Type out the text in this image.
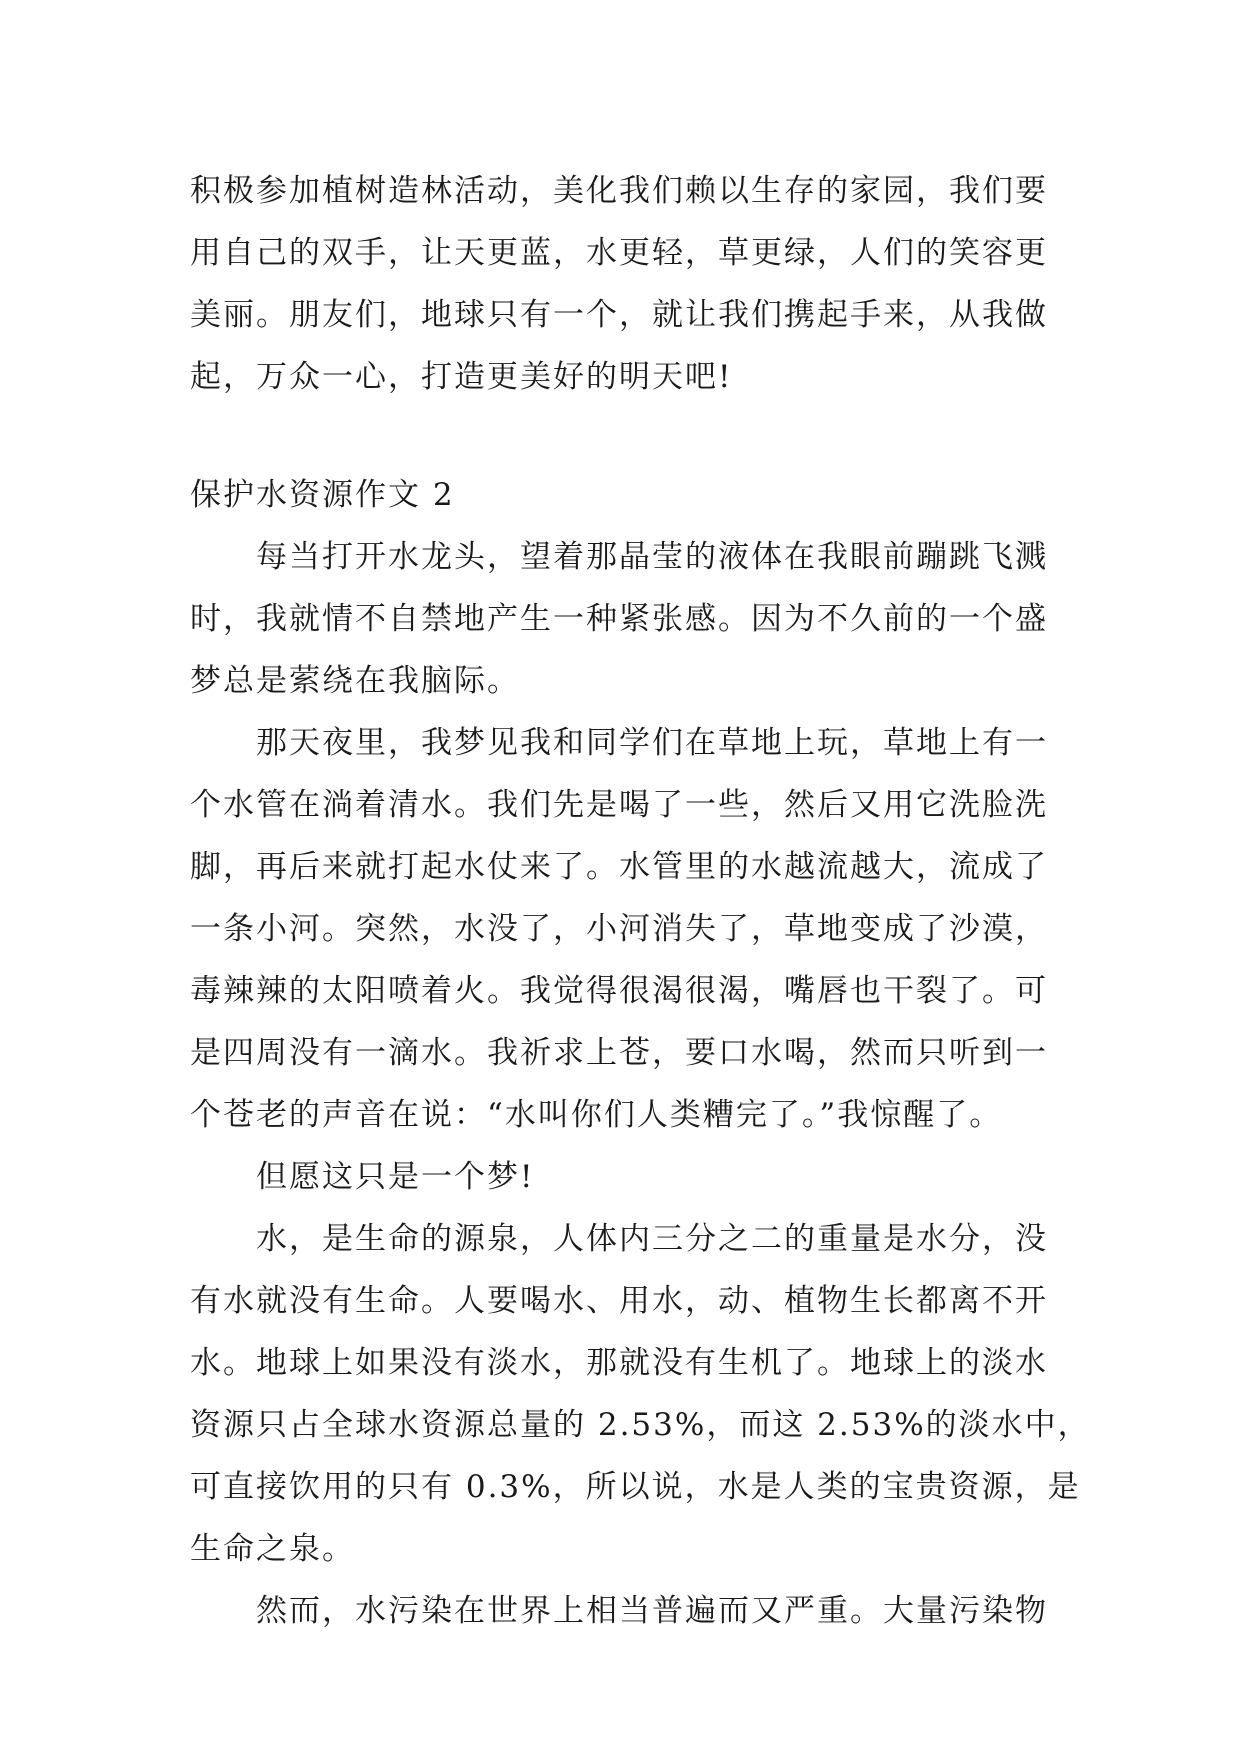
积极参加植树造林活动，美化我们赖以生存的家园，我们要
用自己的双手，让天更蓝，水更轻，草更绿，人们的笑容更
美丽。朋友们，地球只有一个，就让我们携起手来，从我做
起，万众一心，打造更美好的明天吧!
保护水资源作文 2
每当打开水龙头，望着那晶莹的液体在我眼前蹦跳飞溅
时，我就情不自禁地产生一种紧张感。因为不久前的一个盛
梦总是萦绕在我脑际。
那天夜里，我梦见我和同学们在草地上玩，草地上有一
个水管在淌着清水。我们先是喝了一些，然后又用它洗脸洗
脚，再后来就打起水仗来了。水管里的水越流越大，流成了
一条小河。突然，水没了，小河消失了，草地变成了沙漠，
毒辣辣的太阳喷着火。我觉得很渴很渴，嘴唇也干裂了。可
是四周没有一滴水。我祈求上苍，要口水喝，然而只听到一
个苍老的声音在说：“水叫你们人类糟完了。”我惊醒了。
但愿这只是一个梦!
水，是生命的源泉，人体内三分之二的重量是水分，没
有水就没有生命。人要喝水、用水，动、植物生长都离不开
水。地球上如果没有淡水，那就没有生机了。地球上的淡水
资源只占全球水资源总量的 2.53%，而这 2.53%的淡水中，
可直接饮用的只有 0.3%，所以说，水是人类的宝贵资源，是
生命之泉。
然而，水污染在世界上相当普遍而又严重。大量污染物
